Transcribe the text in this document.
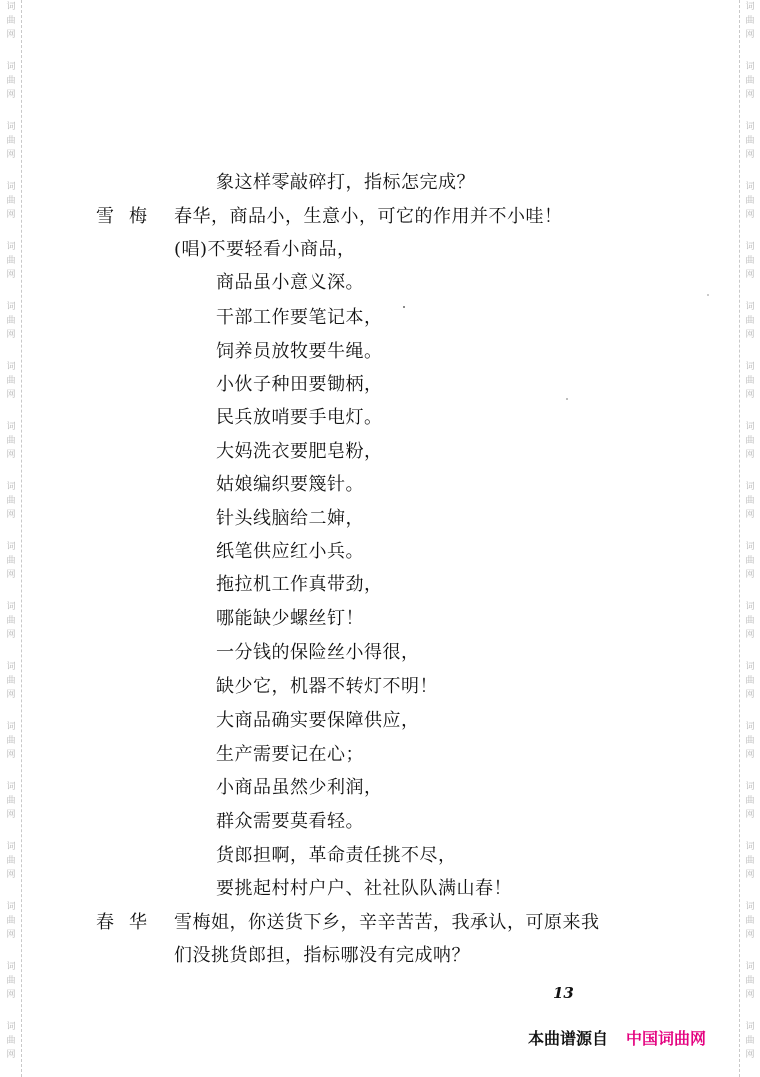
词
曲
网
词
曲
网
词
曲
网
词
曲
网
词
曲
网
词
曲
网
词
曲
网
词
曲
网
词
曲
网
词
曲
网
词
曲
网
词
曲
网
词
曲
网
词
曲
网
词
曲
网
词
曲
网
词
曲
网
词
曲
网
词
曲
网
词
曲
网
词
曲
网
词
曲
网
词
曲
网
词
曲
网
词
曲
网
词
曲
网
词
曲
网
词
曲
网
词
曲
网
词
曲
网
词
曲
网
词
曲
网
词
曲
网
词
曲
网
词
曲
网
词
曲
网
象这样零敲碎打，指标怎完成？
雪梅 春华，商品小，生意小，可它的作用并不小哇！
(唱)不要轻看小商品，
商品虽小意义深。
干部工作要笔记本，
饲养员放牧要牛绳。
小伙子种田要锄柄，
民兵放哨要手电灯。
大妈洗衣要肥皂粉，
姑娘编织要篾针。
针头线脑给二婶，
纸笔供应红小兵。
拖拉机工作真带劲，
哪能缺少螺丝钉！
一分钱的保险丝小得很，
缺少它，机器不转灯不明！
大商品确实要保障供应，
生产需要记在心；
小商品虽然少利润，
群众需要莫看轻。
货郎担啊，革命责任挑不尽，
要挑起村村户户、社社队队满山春！
春华 雪梅姐，你送货下乡，辛辛苦苦，我承认，可原来我
们没挑货郎担，指标哪没有完成呐？
13
本曲谱源自 中国词曲网
